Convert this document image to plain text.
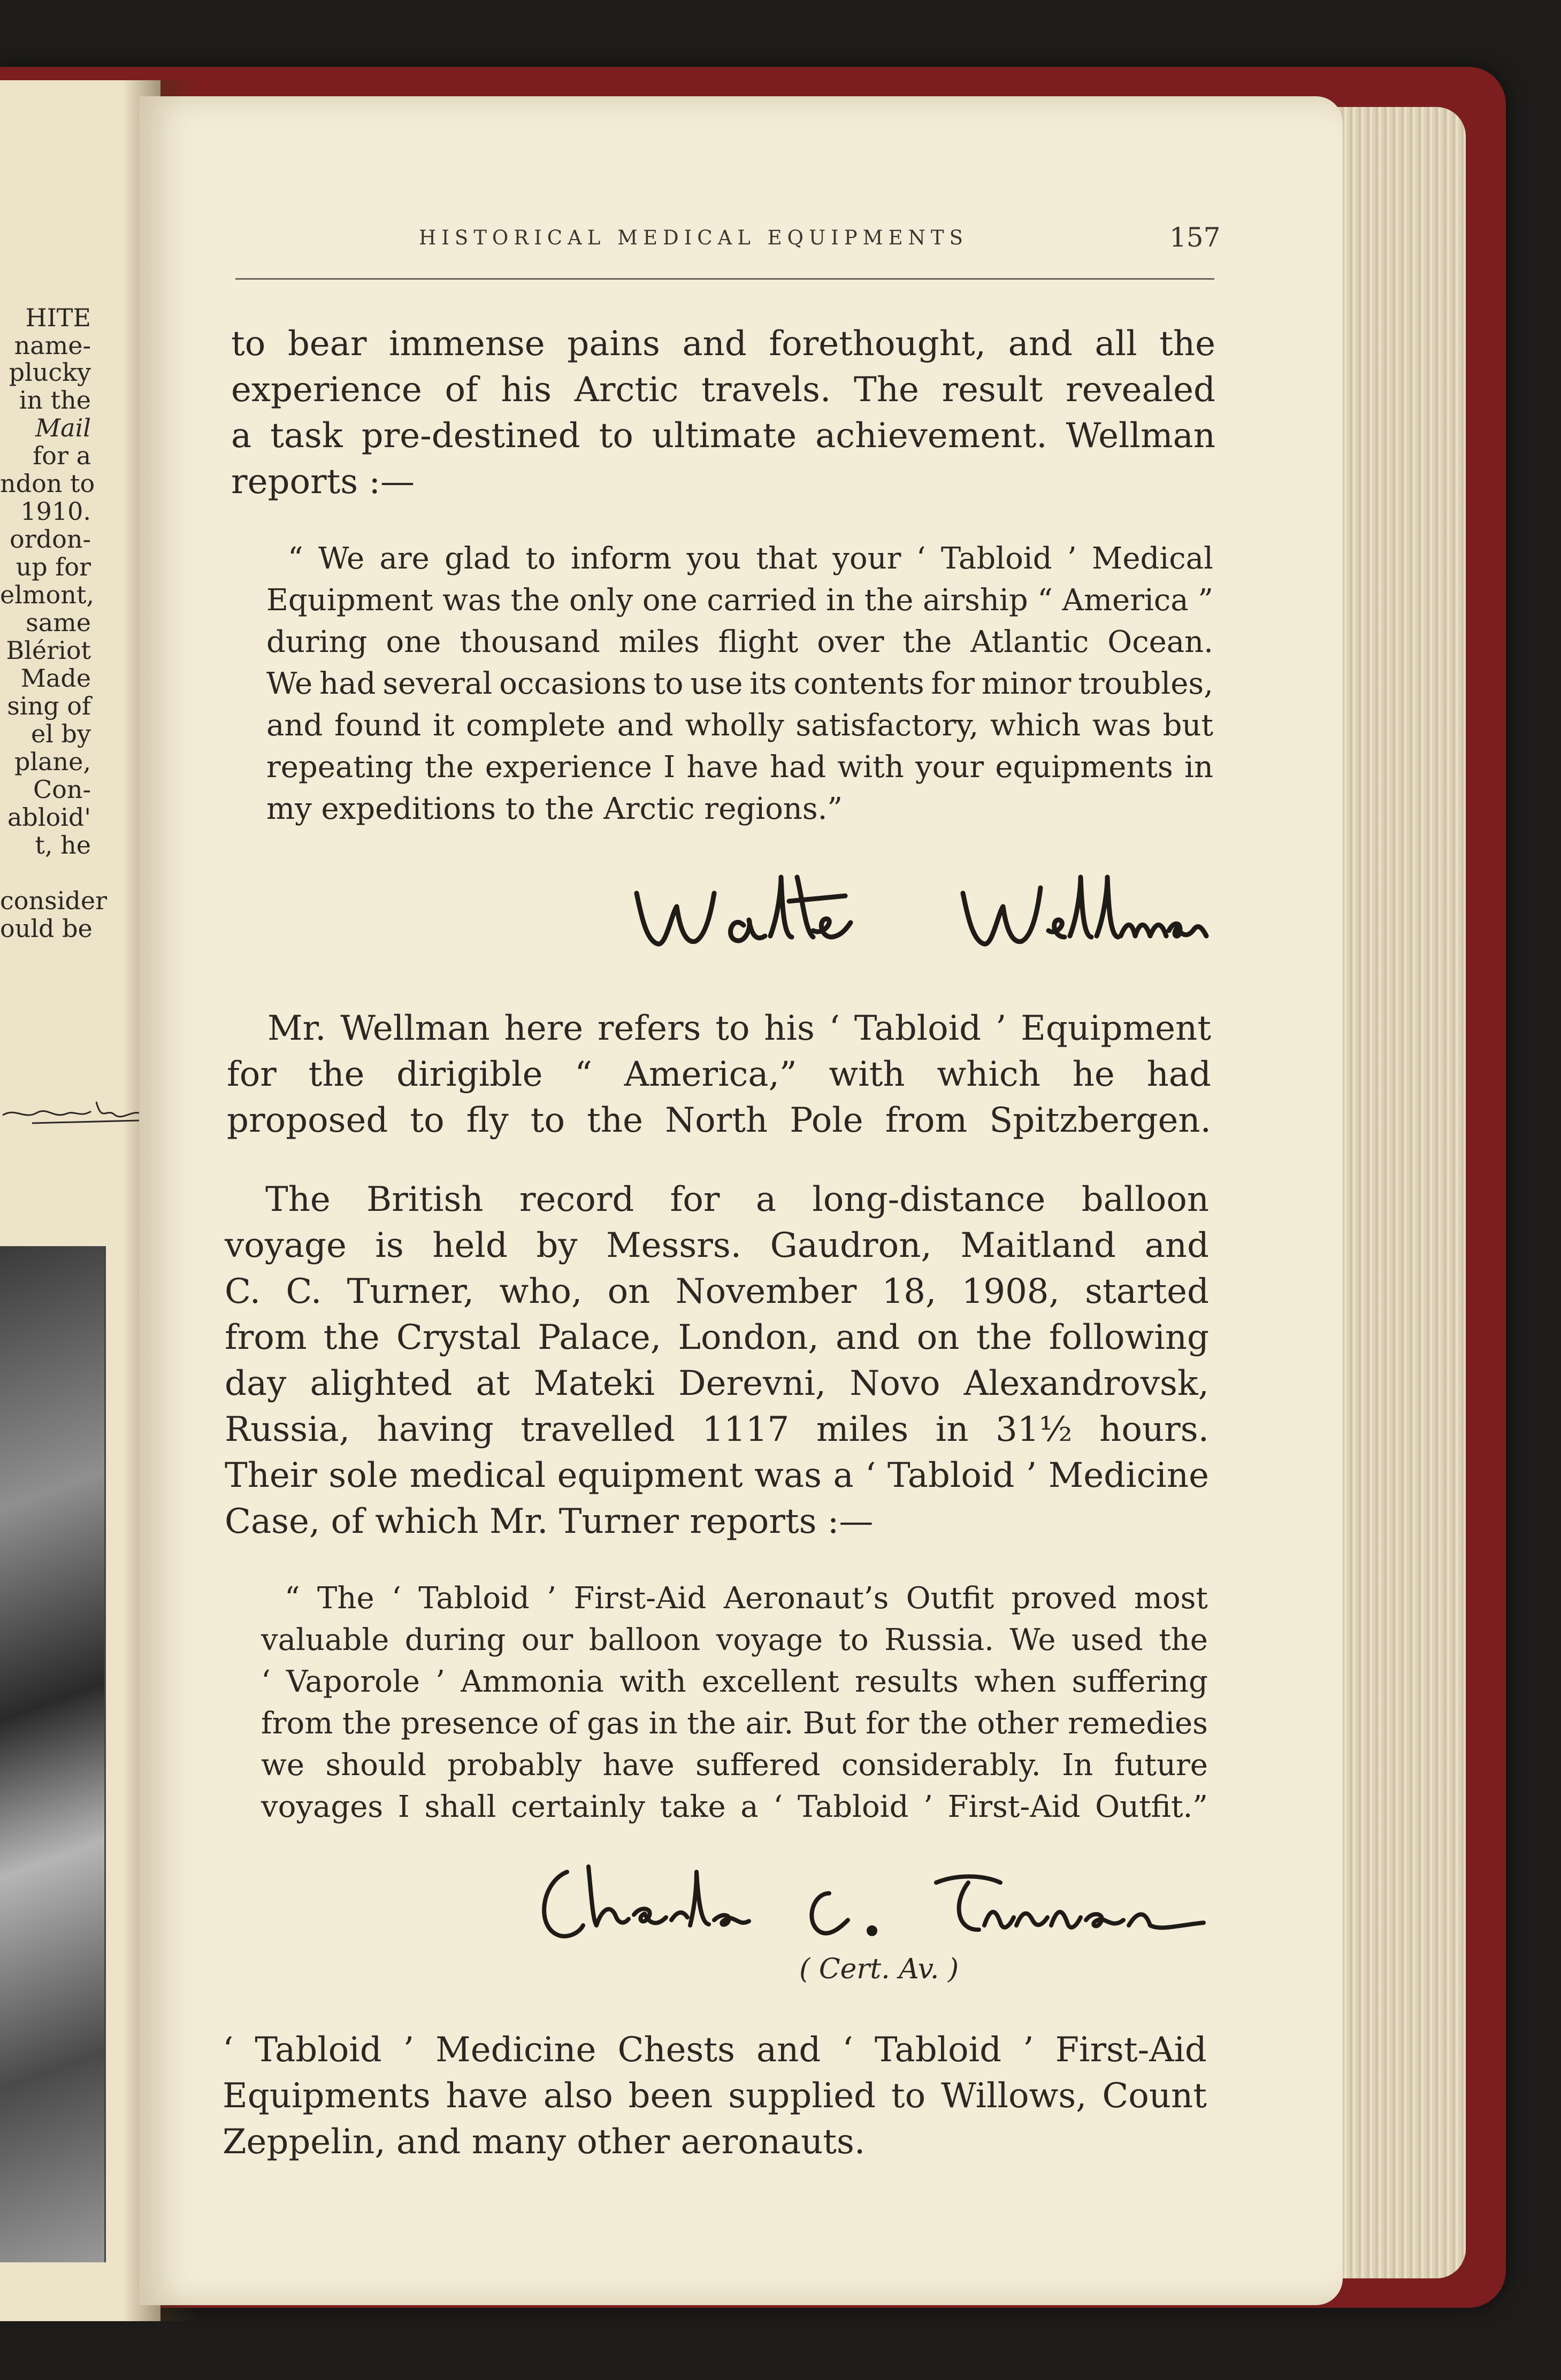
HITE
name-
plucky
in the
Mail
for a
ndon to
1910.
ordon-
up for
elmont,
same
Blériot
Made
sing of
el by
plane,
Con-
abloid'
t, he
consider
ould be
HISTORICAL MEDICAL EQUIPMENTS	157
to bear immense pains and forethought, and all the
experience of his Arctic travels. The result revealed
a task pre-destined to ultimate achievement. Wellman
reports :—
“ We are glad to inform you that your ‘ Tabloid ’ Medical
Equipment was the only one carried in the airship “ America ”
during one thousand miles flight over the Atlantic Ocean.
We had several occasions to use its contents for minor troubles,
and found it complete and wholly satisfactory, which was but
repeating the experience I have had with your equipments in
my expeditions to the Arctic regions.”
Mr. Wellman here refers to his ‘ Tabloid ’ Equipment
for the dirigible “ America,” with which he had
proposed to fly to the North Pole from Spitzbergen.
The British record for a long-distance balloon
voyage is held by Messrs. Gaudron, Maitland and
C. C. Turner, who, on November 18, 1908, started
from the Crystal Palace, London, and on the following
day alighted at Mateki Derevni, Novo Alexandrovsk,
Russia, having travelled 1117 miles in 31½ hours.
Their sole medical equipment was a ‘ Tabloid ’ Medicine
Case, of which Mr. Turner reports :—
“ The ‘ Tabloid ’ First-Aid Aeronaut’s Outfit proved most
valuable during our balloon voyage to Russia. We used the
‘ Vaporole ’ Ammonia with excellent results when suffering
from the presence of gas in the air. But for the other remedies
we should probably have suffered considerably. In future
voyages I shall certainly take a ‘ Tabloid ’ First-Aid Outfit.”
( Cert. Av. )
‘ Tabloid ’ Medicine Chests and ‘ Tabloid ’ First-Aid
Equipments have also been supplied to Willows, Count
Zeppelin, and many other aeronauts.
